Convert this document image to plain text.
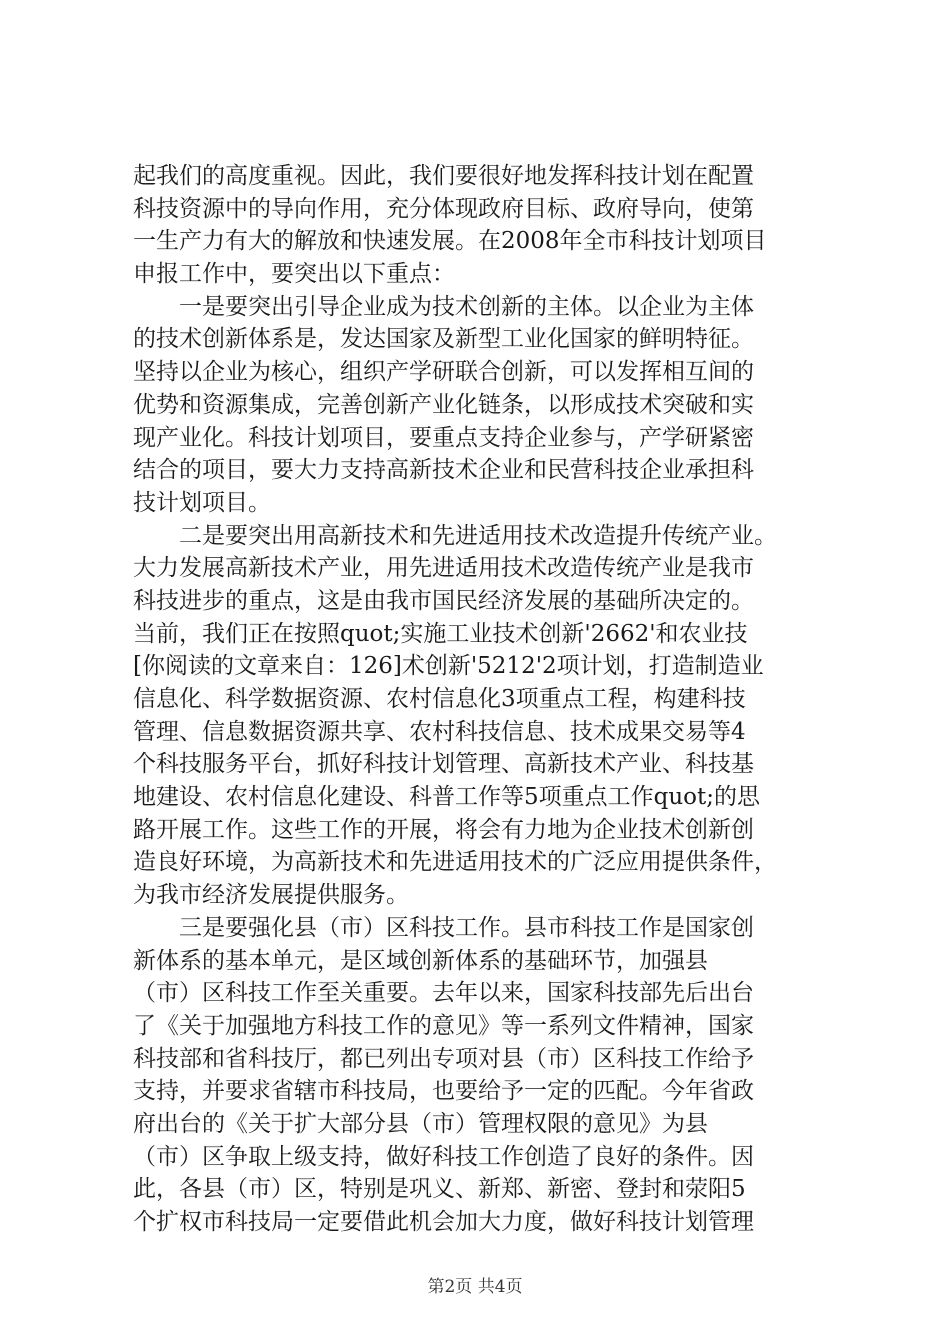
起我们的高度重视。因此，我们要很好地发挥科技计划在配置
科技资源中的导向作用，充分体现政府目标、政府导向，使第
一生产力有大的解放和快速发展。在2008年全市科技计划项目
申报工作中，要突出以下重点：
一是要突出引导企业成为技术创新的主体。以企业为主体
的技术创新体系是，发达国家及新型工业化国家的鲜明特征。
坚持以企业为核心，组织产学研联合创新，可以发挥相互间的
优势和资源集成，完善创新产业化链条，以形成技术突破和实
现产业化。科技计划项目，要重点支持企业参与，产学研紧密
结合的项目，要大力支持高新技术企业和民营科技企业承担科
技计划项目。
二是要突出用高新技术和先进适用技术改造提升传统产业。
大力发展高新技术产业，用先进适用技术改造传统产业是我市
科技进步的重点，这是由我市国民经济发展的基础所决定的。
当前，我们正在按照quot;实施工业技术创新'2662'和农业技
[你阅读的文章来自：126]术创新'5212'2项计划，打造制造业
信息化、科学数据资源、农村信息化3项重点工程，构建科技
管理、信息数据资源共享、农村科技信息、技术成果交易等4
个科技服务平台，抓好科技计划管理、高新技术产业、科技基
地建设、农村信息化建设、科普工作等5项重点工作quot;的思
路开展工作。这些工作的开展，将会有力地为企业技术创新创
造良好环境，为高新技术和先进适用技术的广泛应用提供条件，
为我市经济发展提供服务。
三是要强化县（市）区科技工作。县市科技工作是国家创
新体系的基本单元，是区域创新体系的基础环节，加强县
（市）区科技工作至关重要。去年以来，国家科技部先后出台
了《关于加强地方科技工作的意见》等一系列文件精神，国家
科技部和省科技厅，都已列出专项对县（市）区科技工作给予
支持，并要求省辖市科技局，也要给予一定的匹配。今年省政
府出台的《关于扩大部分县（市）管理权限的意见》为县
（市）区争取上级支持，做好科技工作创造了良好的条件。因
此，各县（市）区，特别是巩义、新郑、新密、登封和荥阳5
个扩权市科技局一定要借此机会加大力度，做好科技计划管理
第2页 共4页
